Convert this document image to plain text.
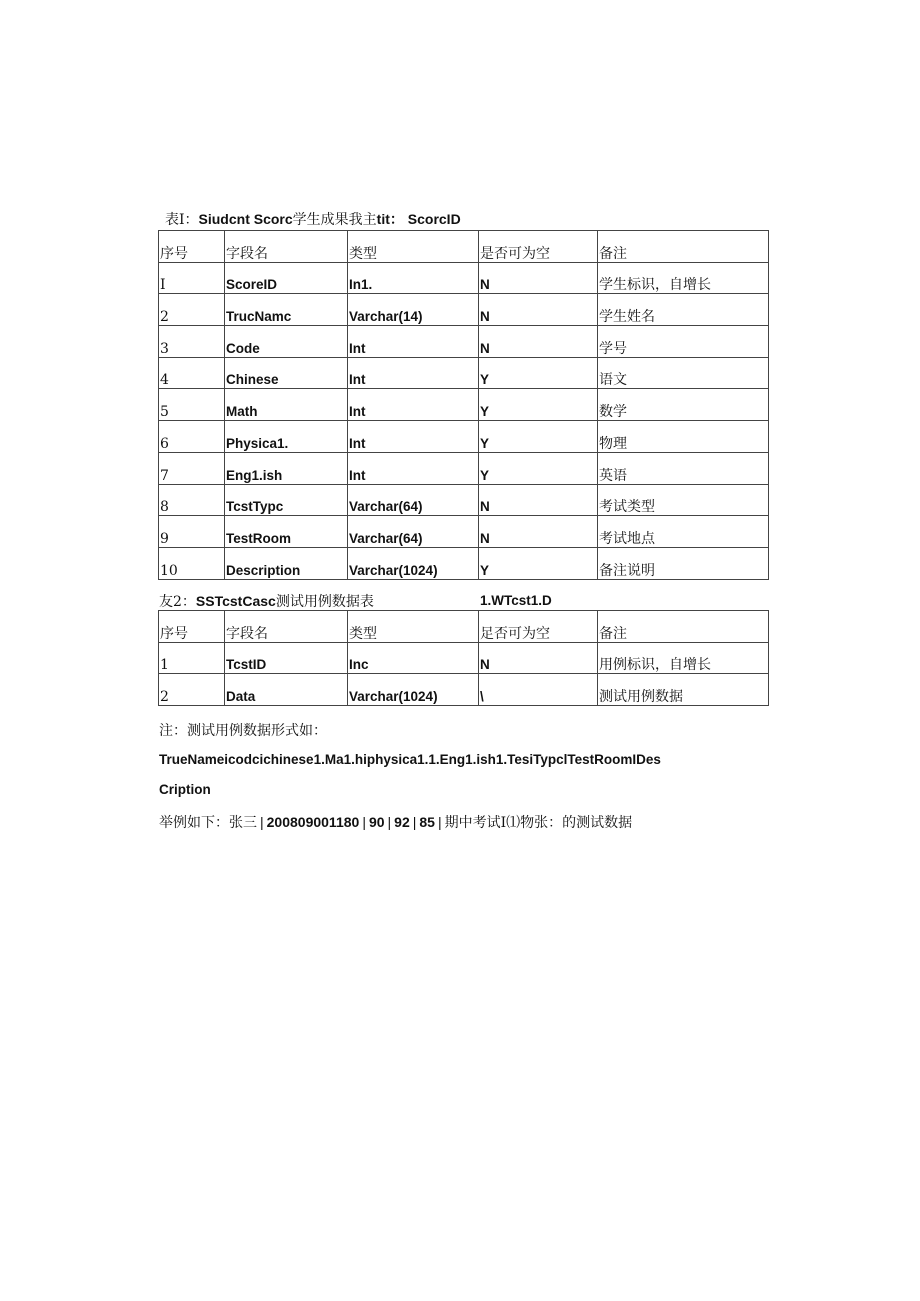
表I：Siudcnt Scorc学生成果我主tit： ScorcID
序号	字段名	类型	是否可为空	备注
I	ScoreID	In1.	N	学生标识，自增长
2	TrucNamc	Varchar(14)	N	学生姓名
3	Code	Int	N	学号
4	Chinese	Int	Y	语文
5	Math	Int	Y	数学
6	Physica1.	Int	Y	物理
7	Eng1.ish	Int	Y	英语
8	TcstTypc	Varchar(64)	N	考试类型
9	TestRoom	Varchar(64)	N	考试地点
10	Description	Varchar(1024)	Y	备注说明
友2：SSTcstCasc测试用例数据表	1.WTcst1.D
序号	字段名	类型	足否可为空	备注
1	TcstID	Inc	N	用例标识，自增长
2	Data	Varchar(1024)	\	测试用例数据
注：测试用例数据形式如：
TrueNameicodcichinese1.Ma1.hiphysica1.1.Eng1.ish1.TesiTypclTestRoomIDes
Cription
举例如下：张三 | 200809001180 | 90 | 92 | 85 | 期中考试I⑴物张：的测试数据
